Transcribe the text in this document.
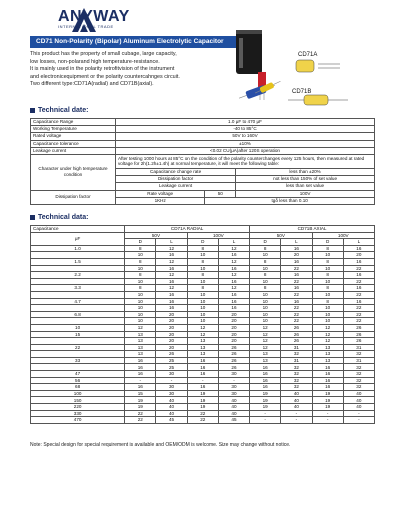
ANYWAY
INTERNATIONAL TRADE
CD71 Non-Polarity (Bipolar) Aluminum Electrolytic Capacitor
This product has the property of small cubage, large capacity,
low losses, non-polarand high temperature-resistance.
It is mainly used in the polarity retrofitvision of the instrument
and electronicequipment or the polarity countercahnges circuit.
Two different type:CD71A(radial) and CD71B(axial).
CD71A
CD71B
Technical date:
Capacitance Range	1.0 μF to 470 μF		
Working Temperature	-40 to 85°C		
Rated voltage	50V to 160V		
Capacitance tolerance	±10%		
Leakage current	<0.02 CU(μA)after 120S operation		
Character under high temperature condition	After testing 1000 hours at 85°C on the condition of the polarity counterchanges every 125 hours, then measured at rated voltage for 2h(1.2h±1.4h) at normal temperature, it will meet the following table:		
	Capacitance change rate		less than ±20%
	Dissipation factor		not less than 150% of set value
	Leakage current		less than set value
Dissipation factor	Rate voltage	50	100V
	1KHz	tgδ less than 0.10	
Technical data:
Capacitance	CD71A RADIAL				CD71B AXIAL			
μF	50V		100V		50V		100V	
	D	L	D	L	D	L	D	L
1.0	8	12	8	12	8	16	8	16
	10	16	10	16	10	20	10	20
1.5	8	12	8	12	8	16	8	16
	10	16	10	16	10	22	10	22
2.2	8	12	8	12	8	16	8	16
	10	16	10	16	10	22	10	22
3.3	8	12	8	12	8	16	8	16
	10	16	10	16	10	22	10	22
4.7	10	16	10	16	10	16	8	16
	10	16	10	16	10	22	10	22
6.8	10	20	10	20	10	22	10	22
	10	20	10	20	10	22	10	22
10	12	20	12	20	12	26	12	26
15	13	20	12	20	12	26	12	26
	13	20	13	20	12	26	12	26
22	13	20	13	26	12	31	13	31
	13	26	13	26	13	32	13	32
33	16	25	16	26	13	31	13	31
	16	25	16	26	16	32	16	32
47	16	30	16	30	16	32	16	32
56	-	-	-	-	16	32	16	32
68	16	30	16	30	16	32	16	32
100	15	30	19	30	19	40	19	40
150	19	40	19	40	19	40	19	40
220	19	40	19	40	19	40	19	40
330	22	40	22	40	-	-	-	-
470	22	45	22	45	-	-	-	-
Note: Special design for special requirement is available and OEM/ODM is welcome. Size may change without notice.
